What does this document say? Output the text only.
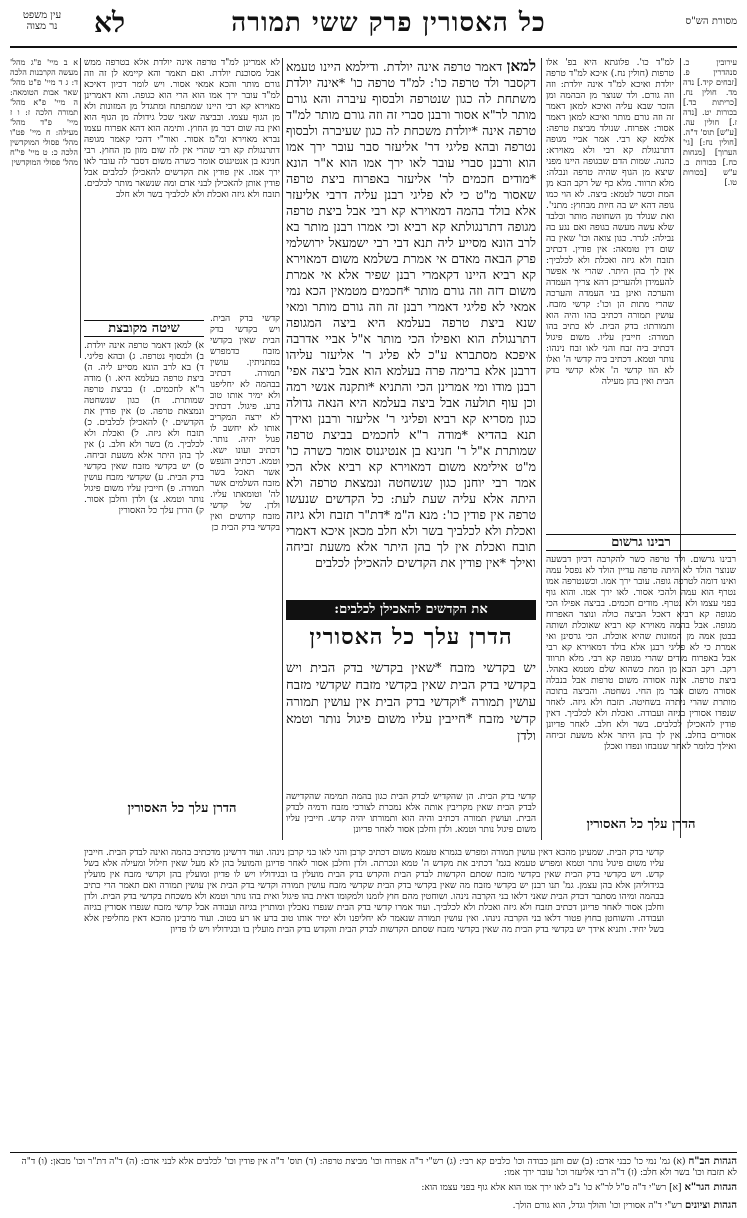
מסורת הש"ס
כל האסורין פרק ששי תמורה
לא
עין משפט
נר מצוה

עירובין כ. סנהדרין פ. [זבחים קיד.] נדה מד. חולין נח. [כריתות כד.] בכורות יט. [נדה ז.] חולין עה. [ע"ש] תוס' ד"ה. [חולין נח:] [גי' הערוך] [מנחות כח.] בכורות ב. ע"ש [בכורות טו.]

למ"ד כו'. פלוגתא היא בפ' אלו טרפות (חולין נח.) איכא למ"ד טרפה יולדת ואיכא למ"ד אינה יולדת: וזה וזה גורם. ולד שנוצר מן הבהמה ומן הזכר שבא עליה ואיכא למאן דאמר זה וזה גורם מותר ואיכא למאן דאמר אסור: אפרוח. שנולד מביצת טרפה: אלמא קא רבי. אמר אביי מגופה דתרנגולת קא רבי ולא מאוירא: כהנה. שמות הדם שבגופה היינו מפני שיצא מן הגוף שהיה טרפה ונבלה: מלא תרווד. מלא כף של רקב הבא מן המת וכשר לטמא: ביצה. לא הוי כמו גופה דהא יש בה חיות מבחוץ: מתני'. ואת שנולד מן השחוטה מותר ובלבד שלא עשה מעשה בגופה ואם נגע בה נבילה: לגרר. כגון צואה וכו' שאין בה שום דין טומאה: אין פודין. דכתיב תזבח ולא גיזה ואכלת ולא לכלביך: אין לך בהן היתר. שהרי אי אפשר להעמידן ולהעריכן דהא צריך העמדה והערכה ואינן בני העמדה והערכה שהרי מתות הן וכו': קדשי מזבח. עושין תמורה דכתיב בהו והיה הוא ותמורתו: בדק הבית. לא כתיב בהו תמורה: חייבין עליו. משום פיגול דכתיב ביה זבח והני לאו זבח נינהו: נותר וטמא. דכתיב ביה קדשי ה' ואלו לא הוו קדשי ה' אלא קדשי בדק הבית ואין בהן מעילה

רבינו גרשום

רבינו גרשום. ולד טרפה כשר להקרבה דכיון דבשעה שנוצר הולד לא היתה טרפה עדיין הולד לא נפסל עמה ואינו דומה לטרפה גופה. עובר ירך אמו. וכשנטרפה אמו נטרף הוא עמה ולהכי אסור. לאו ירך אמו. והוא גוף בפני עצמו ולא נטרף. מודים חכמים. בביצה אפילו הכי מגופה קא רביא דאכל הביצה כולה ונוצר האפרוח מגופה. אבל בהמה מאוירא קא רביא שאוכלת ושותה בבטן אמה מן המזונות שהיא אוכלת. הכי גרסינן ואי אמרת כי לא פליגי רבנן אלא בולד דמאוירא קא רבי אבל באפרוח מודים שהרי מגופה קא רבי. מלא תרווד רקב. רקב הבא מן המת כשהוא שלם מטמא באהל. ביצת טרפה. אינה אסורה משום טרפות אבל בנבלה אסורה משום אבר מן החי. נשחטה. והביצה בתוכה מותרת שהרי ניתרה בשחיטה. תזבח ולא גיזה. לאחר שנפדו אסורין בגיזה ועבודה. ואכלת ולא לכלביך. דאין פודין להאכילן לכלבים. בשר ולא חלב. לאחר פדיונן אסורים בחלב. אין לך בהן היתר אלא משעת זביחה ואילך כלומר לאחר שנזבחו ונפדו ואכלן

למאן דאמר טרפה אינה יולדת. ודילמא היינו טעמא דקסבר ולד טרפה כו': למ"ד טרפה כו' *אינה יולדת משתחת לה כגון שנטרפה ולבסוף עיברה והא גורם מותר לר"א אסור ורבנן סברי זה וזה גורם מותר למ"ד טרפה אינה *יולדת משכחת לה כגון שעיברה ולבסוף נטרפה ובהא פליגי דר' אליעזר סבר עובר ירך אמו הוא ורבנן סברי עובר לאו ירך אמו הוא א"ר הונא *מודים חכמים לר' אליעזר באפרוח ביצת טרפה שאסור מ"ט כי לא פליגי רבנן עליה דרבי אליעזר אלא בולד בהמה דמאוירא קא רבי אבל ביצת טרפה מגופה דתרנגולתא קא רביא וכי אמרו רבנן מותר בא לרב הונא מסייע ליה תנא דבי רבי ישמעאל ירושלמי פרק הבאה מאדם אי אמרת בשלמא משום דמאוירא קא רביא היינו דקאמרי רבנן שפיר אלא אי אמרת משום דזה וזה גורם מותר *חכמים מטמאין הכא נמי אמאי לא פליגי דאמרי רבנן זה וזה גורם מותר ומאי שנא ביצת טרפה בעלמא היא ביצה המגופה דתרנגולת הוא ואפילו הכי מותר א"ל אביי אדרבה איפכא מסתברא ע"כ לא פליג ר' אליעזר עליהו דרבנן אלא ברימה פרה בעלמא הוא אבל ביצה אפי' רבנן מודו ומי אמרינן הכי והתניא *ותקנה אנשי רמה וכן עוף תולעה אבל ביצה בעלמא היא הנאה גדולה כגון מסריא קא רביא ופליגי ר' אליעזר ורבנן ואידך תנא בהדיא *מודה ר"א לחכמים בביצת טרפה שמותרת א"ל ר' חנינא בן אנטיגנוס אומר כשרה כו' מ"ט אילימא משום דמאוירא קא רביא אלא הכי אמר רבי יוחנן כגון שנשחטה ונמצאת טרפה ולא היתה אלא עליה שעת לעת: כל הקדשים שנעשו טרפה אין פודין כו': מנא ה"מ *דת"ר תזבח ולא גיזה ואכלת ולא לכלביך בשר ולא חלב מכאן איכא דאמרי תובח ואכלת אין לך בהן היתר אלא משעת זביחה ואילך *אין פודין את הקדשים להאכילן לכלבים

את הקדשים להאכילן לכלבים:
הדרן עלך כל האסורין
יש בקדשי מזבח *שאין בקדשי בדק הבית ויש בקדשי בדק הבית שאין בקדשי מזבח שקדשי מזבח עושין תמורה *וקדשי בדק הבית אין עושין תמורה קדשי מזבח *חייבין עליו משום פיגול נותר וטמא ולדן
הדרן עלך כל האסורין
הדרן עלך כל האסורין

לא אמרינן למ"ד טרפה אינה יולדת אלא בטרפה ממש אבל מסוכנת יולדת. ואם תאמר והא קיימא לן זה וזה גורם מותר והכא אמאי אסור. ויש לומר דכיון דאיכא למ"ד עובר ירך אמו הוא הרי הוא כגופה. והא דאמרינן מאוירא קא רבי היינו שמתפתח ומתגדל מן המזונות ולא מן הגוף עצמו. ובביצה שאני שכל גידולה מן הגוף הוא ואין בה שום דבר מן החוץ. ותימה הוא דהא אפרוח עצמו נברא מאוירא ומ"מ אסור. ואור"י דהכי קאמר מגופה דתרנגולת קא רבי שהרי אין לה שום מזון מן החוץ. רבי חנינא בן אנטיגנוס אומר כשרה משום דסבר לה עובר לאו ירך אמו. אין פודין את הקדשים להאכילן לכלבים אבל פודין אותן להאכילן לבני אדם ומה שנשאר מותר לכלבים. תזבח ולא גיזה ואכלת ולא לכלביך בשר ולא חלב

שיטה מקובצת

א) למאן דאמר טרפה אינה יולדת. ב) ולבסוף נטרפה. ג) ובהא פליגי. ד) בא לרב הונא מסייע ליה. ה) ביצת טרפה בעלמא היא. ו) מודה ר"א לחכמים. ז) בביצת טרפה שמותרת. ח) כגון שנשחטה ונמצאת טרפה. ט) אין פודין את הקדשים. י) להאכילן לכלבים. כ) תזבח ולא גיזה. ל) ואכלת ולא לכלביך. מ) בשר ולא חלב. נ) אין לך בהן היתר אלא משעת זביחה. ס) יש בקדשי מזבח שאין בקדשי בדק הבית. ע) שקדשי מזבח עושין תמורה. פ) חייבין עליו משום פיגול נותר וטמא. צ) ולדן וחלבן אסור. ק) הדרן עלך כל האסורין

קדשי בדק הבית. ויש בקדשי בדק הבית שאין בקדשי מזבח כדמפרש במתניתין. עושין תמורה. דכתיב בבהמה לא יחליפנו ולא ימיר אותו טוב ברע. פיגול. דכתיב לא ירצה המקריב אותו לא יחשב לו פגול יהיה. נותר. דכתיב ועונו ישא. וטמא. דכתיב והנפש אשר תאכל בשר מזבח השלמים אשר לה' וטומאתו עליו. ולדן. של קדשי מזבח קדושים ואין בקדשי בדק הבית כן

א ב מיי' פ"ג מהל' מעשה הקרבנות הלכה ד: ג ד מיי' פ"ט מהל' שאר אבות הטומאה: ה מיי' פ"א מהל' תמורה הלכה ז: ו ז מיי' פ"ד מהל' מעילה: ח מיי' פט"ו מהל' פסולי המוקדשין הלכה כ: ט מיי' פי"ח מהל' פסולי המוקדשין

קדשי בדק הבית. הן שהקדיש לבדק הבית כגון בהמה תמימה שהקדישה לבדק הבית שאין מקריבין אותה אלא נמכרת לצורכי מזבח ודמיה לבדק הבית. ועושין תמורה דכתיב והיה הוא ותמורתו יהיה קדש. חייבין עליו משום פיגול נותר וטמא. ולדן וחלבן אסור לאחר פדיונן

קדשי בדק הבית. שמעינן מהכא דאין עושין תמורה ומפרש בגמרא טעמא משום דכתיב קרבן והני לאו בני קרבן נינהו. ועוד דרשינן מדכתיב בהמה ואינה לבדק הבית. חייבין עליו משום פיגול נותר וטמא ומפרש טעמא בגמ' דכתיב את מקדש ה' טמא ונכרתה. ולדן וחלבן אסור לאחר פדיונן והמועל בהן לא מעל שאין חילול ומעילה אלא בשל קדש. ויש בקדשי בדק הבית שאין בקדשי מזבח שסתם הקדשות לבדק הבית והקדש בדק הבית מועלין בו ובגידוליו ויש לו פדיון ומועלין בהן וקדשי מזבח אין מועלין בגידוליהן אלא בהן עצמן. גמ' תנו רבנן יש בקדשי מזבח מה שאין בקדשי בדק הבית שקדשי מזבח עושין תמורה וקדשי בדק הבית אין עושין תמורה ואם תאמר הרי כתיב בבהמה ומיהו מסתבר דבדק הבית שאני דלאו בני הקרבה נינהו. ושוחטין מהם חוץ לזמנו ולמקומו דאית בהו פיגול ואית בהו נותר וטמא ולא משכחת בקדשי בדק הבית. ולדן וחלבן אסור לאחר פדיונן דכתיב תזבח ולא גיזה ואכלת ולא לכלביך. ועוד אמרו קדשי בדק הבית שנפדו נאכלין ומותרין בגיזה ועבודה אבל קדשי מזבח שנפדו אסורין בגיזה ועבודה. והשוחטן בחוץ פטור דלאו בני הקרבה נינהו. ואין עושין תמורה שנאמר לא יחליפנו ולא ימיר אותו טוב ברע או רע בטוב. ועוד מרבינן מהכא דאין מחליפין אלא בשל יחיד. ותניא אידך יש בקדשי בדק הבית מה שאין בקדשי מזבח שסתם הקדשות לבדק הבית והקדש בדק הבית מועלין בו ובגידוליו ויש לו פדיון

הגהות הב"ח (א) גמ' נמי כו' כבני אדם: (ב) שם ותנן כבודה וכו' כלבים קא רבי: (ג) רש"י ד"ה אפרוח וכו' מביצת טרפה: (ד) תוס' ד"ה אין פודין וכו' לכלבים אלא לבני אדם: (ה) ד"ה דת"ר וכו' מכאן: (ו) ד"ה לא תזבח וכו' בשר ולא חלב: (ז) ד"ה רבי אליעזר וכו' עובר ירך אמו:
הגהות הגר"א [א] רש"י ד"ה ס"ל לר"א כו' נ"ב לאו ירך אמו הוא אלא גוף בפני עצמו הוא:
הגהות וציונים רש"י ד"ה אסורין וכו' והולך וגדל, הוא גורם הולך.
